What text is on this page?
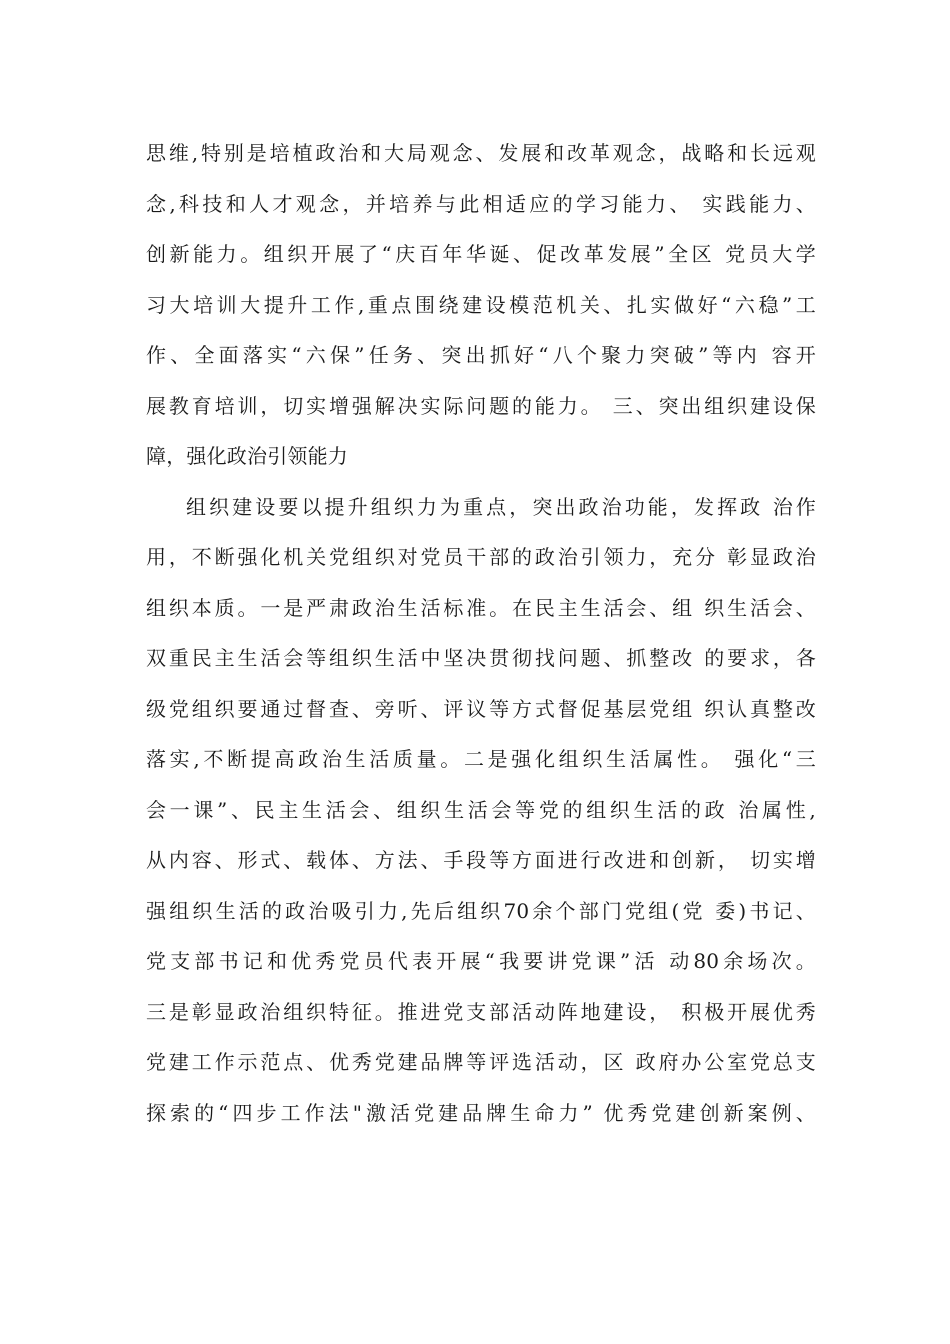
思维,特别是培植政治和大局观念、发展和改革观念，战略和长远观
念,科技和人才观念，并培养与此相适应的学习能力、 实践能力、
创新能力。组织开展了“庆百年华诞、促改革发展”全区 党员大学
习大培训大提升工作,重点围绕建设模范机关、扎实做好“六稳”工
作、全面落实“六保”任务、突出抓好“八个聚力突破”等内 容开
展教育培训，切实增强解决实际问题的能力。 三、突出组织建设保
障，强化政治引领能力
组织建设要以提升组织力为重点，突出政治功能，发挥政 治作
用，不断强化机关党组织对党员干部的政治引领力，充分 彰显政治
组织本质。一是严肃政治生活标准。在民主生活会、组 织生活会、
双重民主生活会等组织生活中坚决贯彻找问题、抓整改 的要求，各
级党组织要通过督查、旁听、评议等方式督促基层党组 织认真整改
落实,不断提高政治生活质量。二是强化组织生活属性。 强化“三
会一课”、民主生活会、组织生活会等党的组织生活的政 治属性,
从内容、形式、载体、方法、手段等方面进行改进和创新， 切实增
强组织生活的政治吸引力,先后组织70余个部门党组(党 委)书记、
党支部书记和优秀党员代表开展“我要讲党课”活 动80余场次。
三是彰显政治组织特征。推进党支部活动阵地建设， 积极开展优秀
党建工作示范点、优秀党建品牌等评选活动，区 政府办公室党总支
探索的“四步工作法"激活党建品牌生命力” 优秀党建创新案例、
